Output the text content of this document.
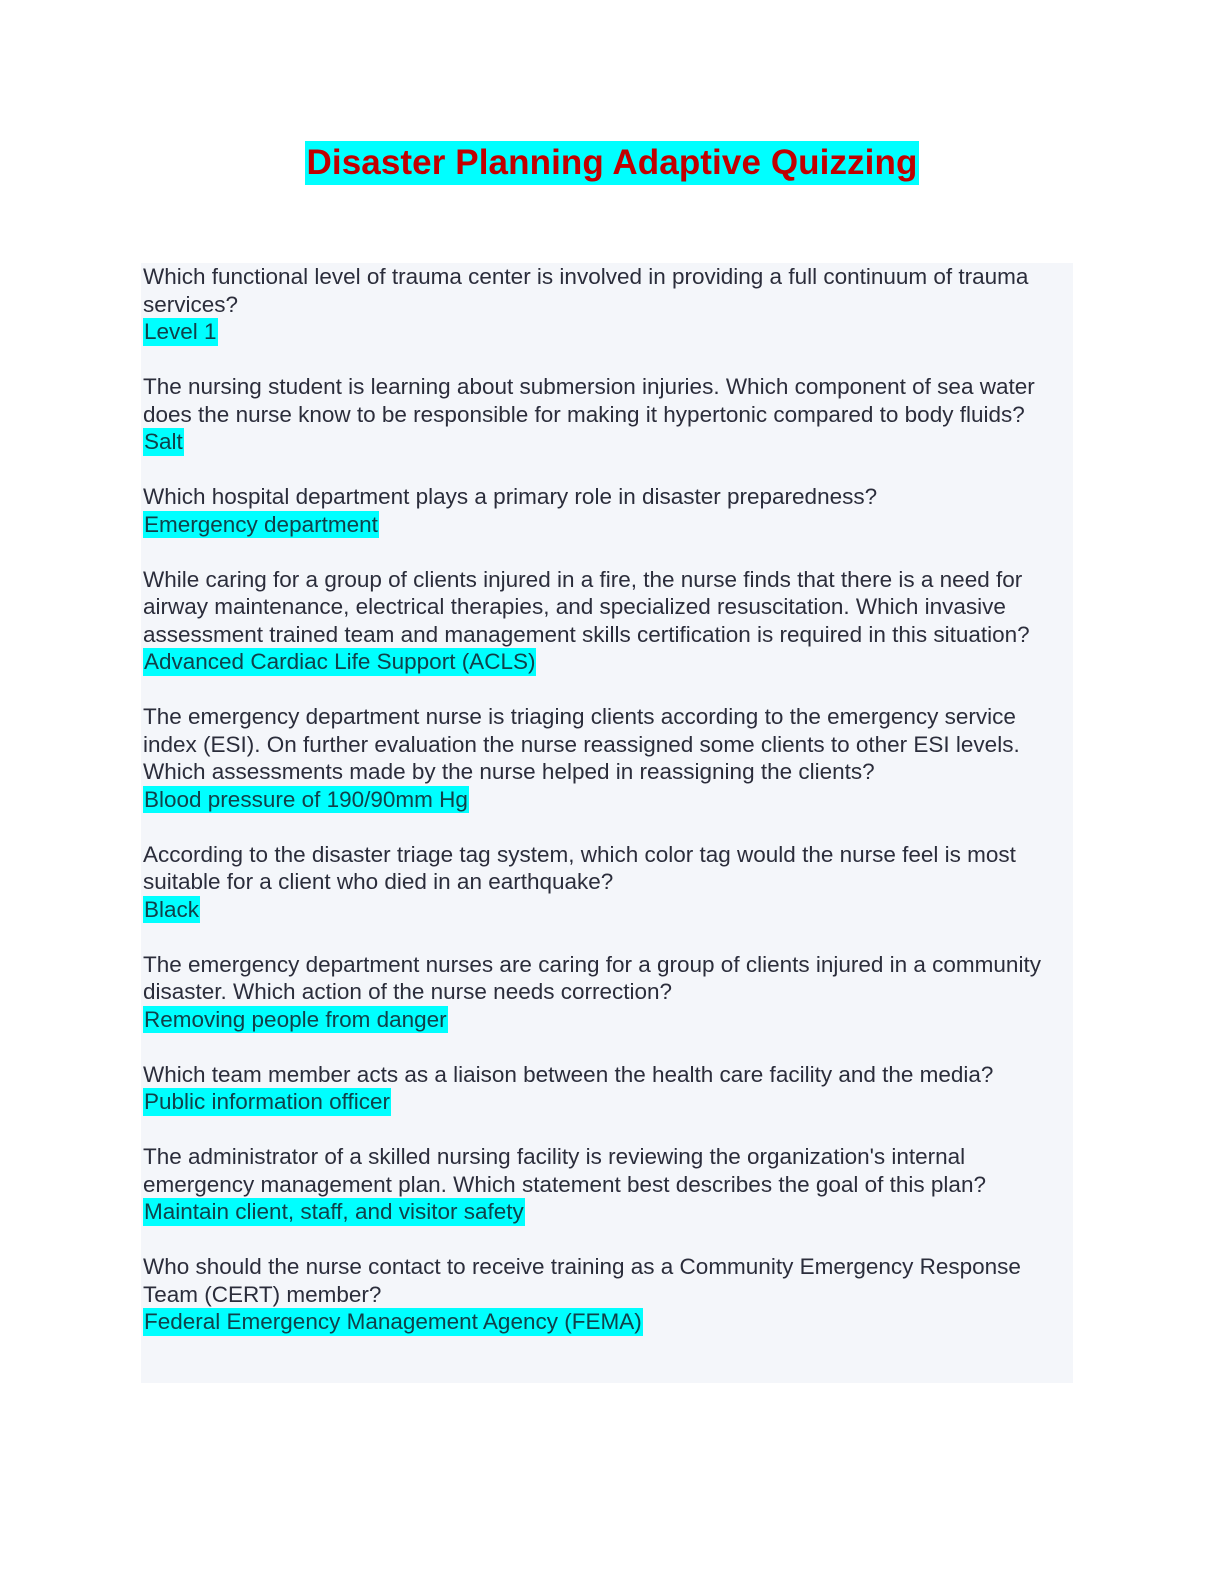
Disaster Planning Adaptive Quizzing
Which functional level of trauma center is involved in providing a full continuum of trauma services?
Level 1
The nursing student is learning about submersion injuries. Which component of sea water does the nurse know to be responsible for making it hypertonic compared to body fluids?
Salt
Which hospital department plays a primary role in disaster preparedness?
Emergency department
While caring for a group of clients injured in a fire, the nurse finds that there is a need for airway maintenance, electrical therapies, and specialized resuscitation. Which invasive assessment trained team and management skills certification is required in this situation?
Advanced Cardiac Life Support (ACLS)
The emergency department nurse is triaging clients according to the emergency service index (ESI). On further evaluation the nurse reassigned some clients to other ESI levels. Which assessments made by the nurse helped in reassigning the clients?
Blood pressure of 190/90mm Hg
According to the disaster triage tag system, which color tag would the nurse feel is most suitable for a client who died in an earthquake?
Black
The emergency department nurses are caring for a group of clients injured in a community disaster. Which action of the nurse needs correction?
Removing people from danger
Which team member acts as a liaison between the health care facility and the media?
Public information officer
The administrator of a skilled nursing facility is reviewing the organization's internal emergency management plan. Which statement best describes the goal of this plan?
Maintain client, staff, and visitor safety
Who should the nurse contact to receive training as a Community Emergency Response Team (CERT) member?
Federal Emergency Management Agency (FEMA)
